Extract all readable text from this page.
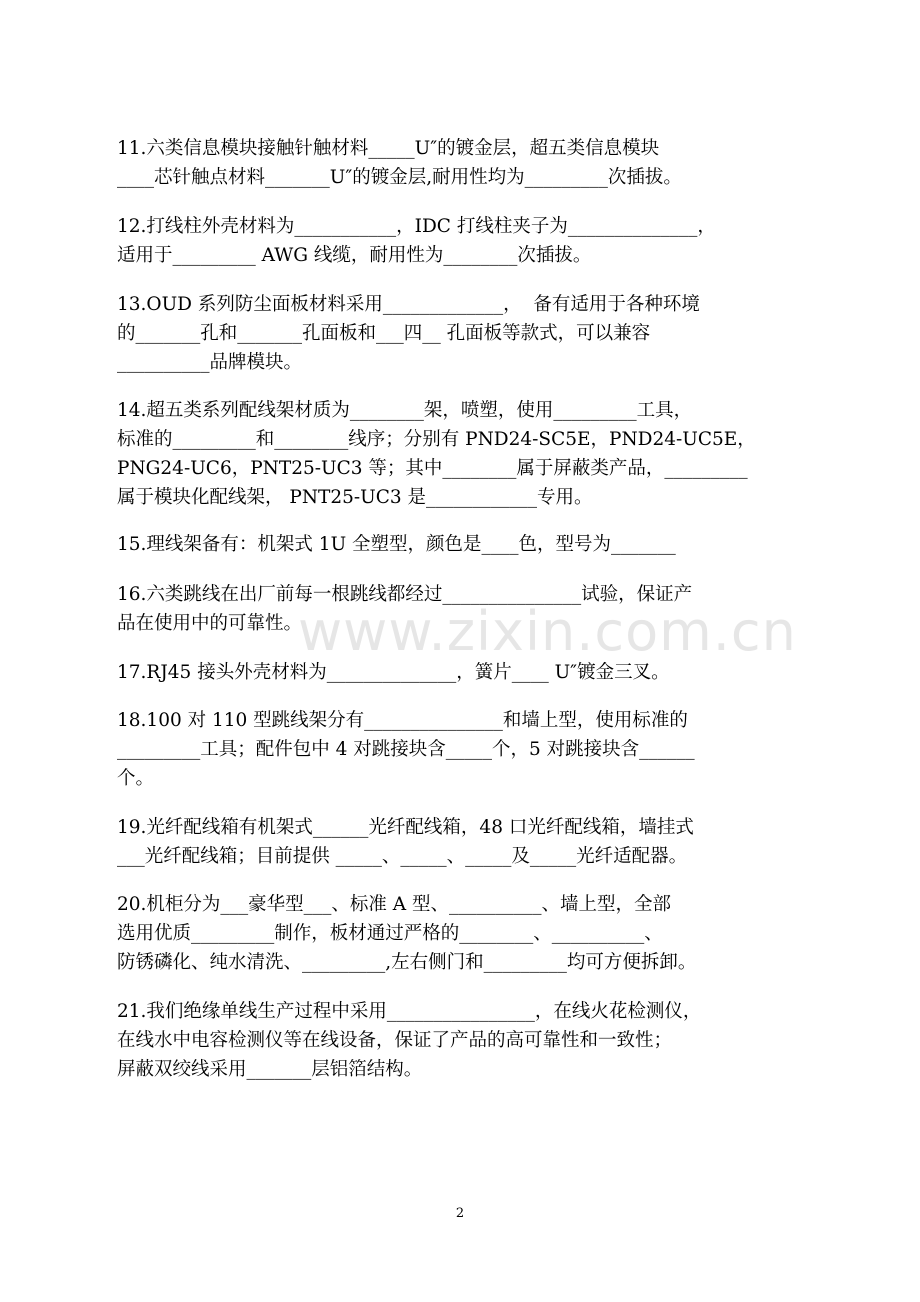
www.zixin.com.cn
11.六类信息模块接触针触材料_____U″的镀金层，超五类信息模块
____芯针触点材料_______U″的镀金层,耐用性均为_________次插拔。
12.打线柱外壳材料为___________，IDC 打线柱夹子为______________，
适用于_________ AWG 线缆，耐用性为________次插拔。
13.OUD 系列防尘面板材料采用_____________，  备有适用于各种环境
的_______孔和_______孔面板和___四__ 孔面板等款式，可以兼容
__________品牌模块。
14.超五类系列配线架材质为________架，喷塑，使用_________工具，
标准的_________和________线序；分别有 PND24-SC5E，PND24-UC5E，
PNG24-UC6，PNT25-UC3 等；其中________属于屏蔽类产品，_________
属于模块化配线架， PNT25-UC3 是____________专用。
15.理线架备有：机架式 1U 全塑型，颜色是____色，型号为_______
16.六类跳线在出厂前每一根跳线都经过_______________试验，保证产
品在使用中的可靠性。
17.RJ45 接头外壳材料为______________，簧片____ U″镀金三叉。
18.100 对 110 型跳线架分有_______________和墙上型，使用标准的
_________工具；配件包中 4 对跳接块含_____个，5 对跳接块含______
个。
19.光纤配线箱有机架式______光纤配线箱，48 口光纤配线箱，墙挂式
___光纤配线箱；目前提供 _____、_____、_____及_____光纤适配器。
20.机柜分为___豪华型___、标准 A 型、__________、墙上型，全部
选用优质_________制作，板材通过严格的________、__________、
防锈磷化、纯水清洗、_________,左右侧门和_________均可方便拆卸。
21.我们绝缘单线生产过程中采用________________，在线火花检测仪，
在线水中电容检测仪等在线设备，保证了产品的高可靠性和一致性；
屏蔽双绞线采用_______层铝箔结构。
2
